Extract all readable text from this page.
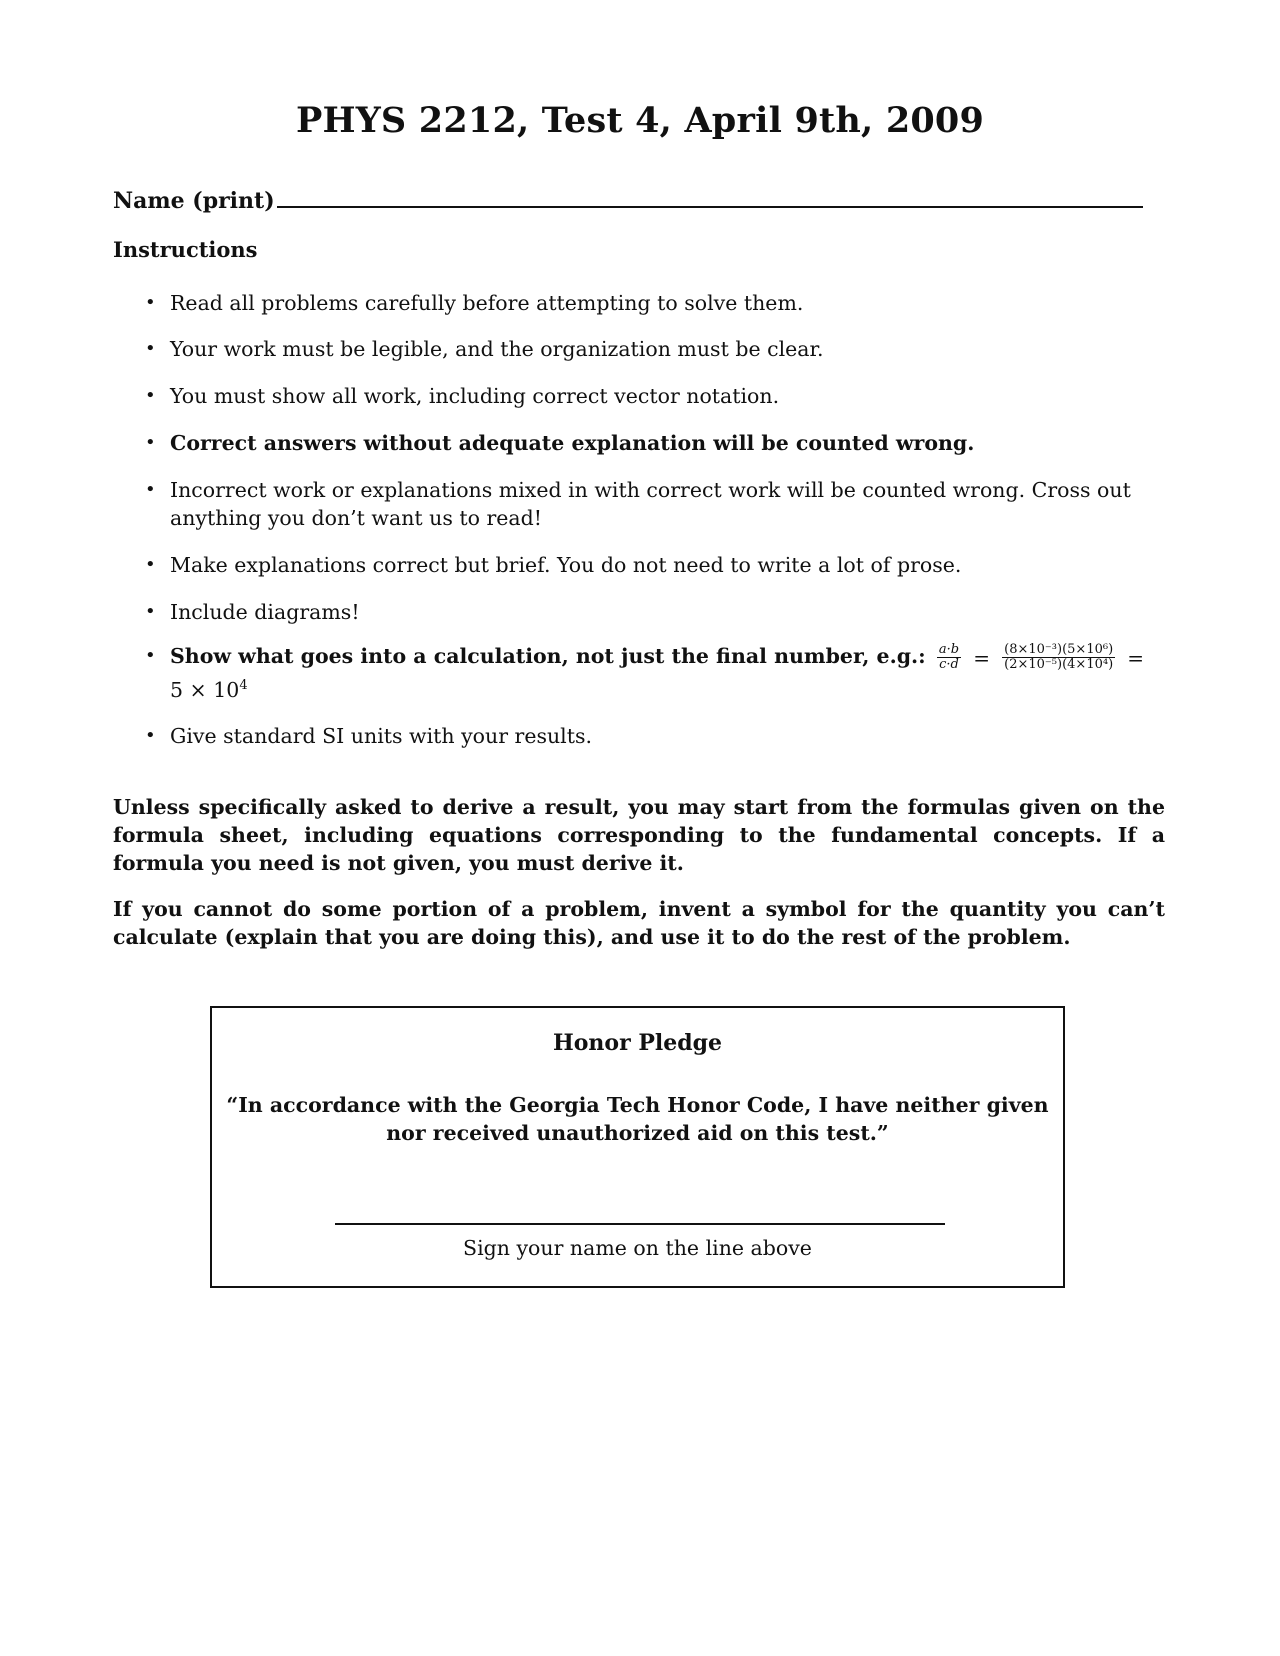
PHYS 2212, Test 4, April 9th, 2009
Name (print)
Instructions
• Read all problems carefully before attempting to solve them.
• Your work must be legible, and the organization must be clear.
• You must show all work, including correct vector notation.
• Correct answers without adequate explanation will be counted wrong.
• Incorrect work or explanations mixed in with correct work will be counted wrong. Cross out anything you don’t want us to read!
• Make explanations correct but brief. You do not need to write a lot of prose.
• Include diagrams!
• Show what goes into a calculation, not just the final number, e.g.: $\frac{a\cdot b}{c\cdot d} = \frac{\text{(8×10⁻³)(5×10⁶)}}{\text{(2×10⁻⁵)(4×10⁴)}}$ =
$5 \times 10^4$
• Give standard SI units with your results.
Unless specifically asked to derive a result, you may start from the formulas given on the formula sheet, including equations corresponding to the fundamental concepts. If a formula you need is not given, you must derive it.
If you cannot do some portion of a problem, invent a symbol for the quantity you can’t calculate (explain that you are doing this), and use it to do the rest of the problem.
Honor Pledge
“In accordance with the Georgia Tech Honor Code, I have neither given nor received unauthorized aid on this test.”
Sign your name on the line above
